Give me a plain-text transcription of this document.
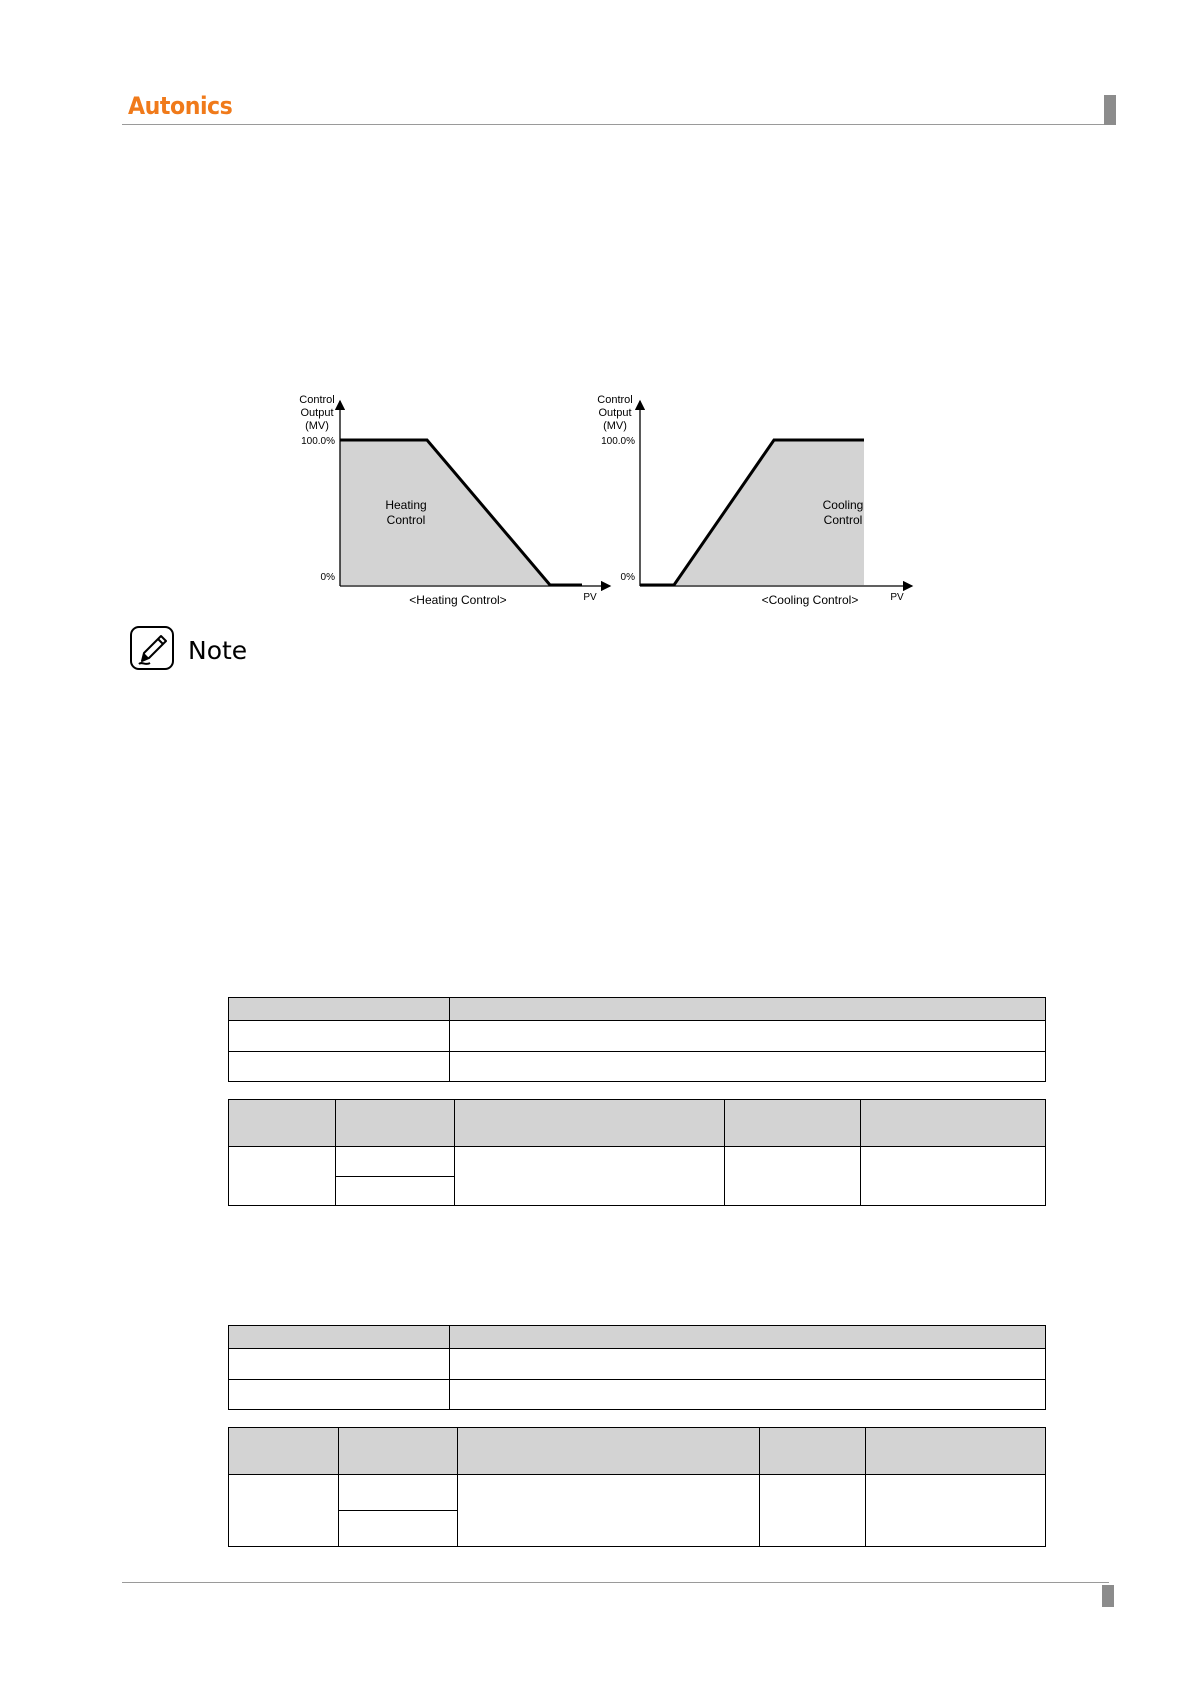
Autonics
Control
Output
(MV)
100.0%
0%
PV
Heating
Control
<Heating Control>
Control
Output
(MV)
100.0%
0%
PV
Cooling
Control
<Cooling Control>
Note
